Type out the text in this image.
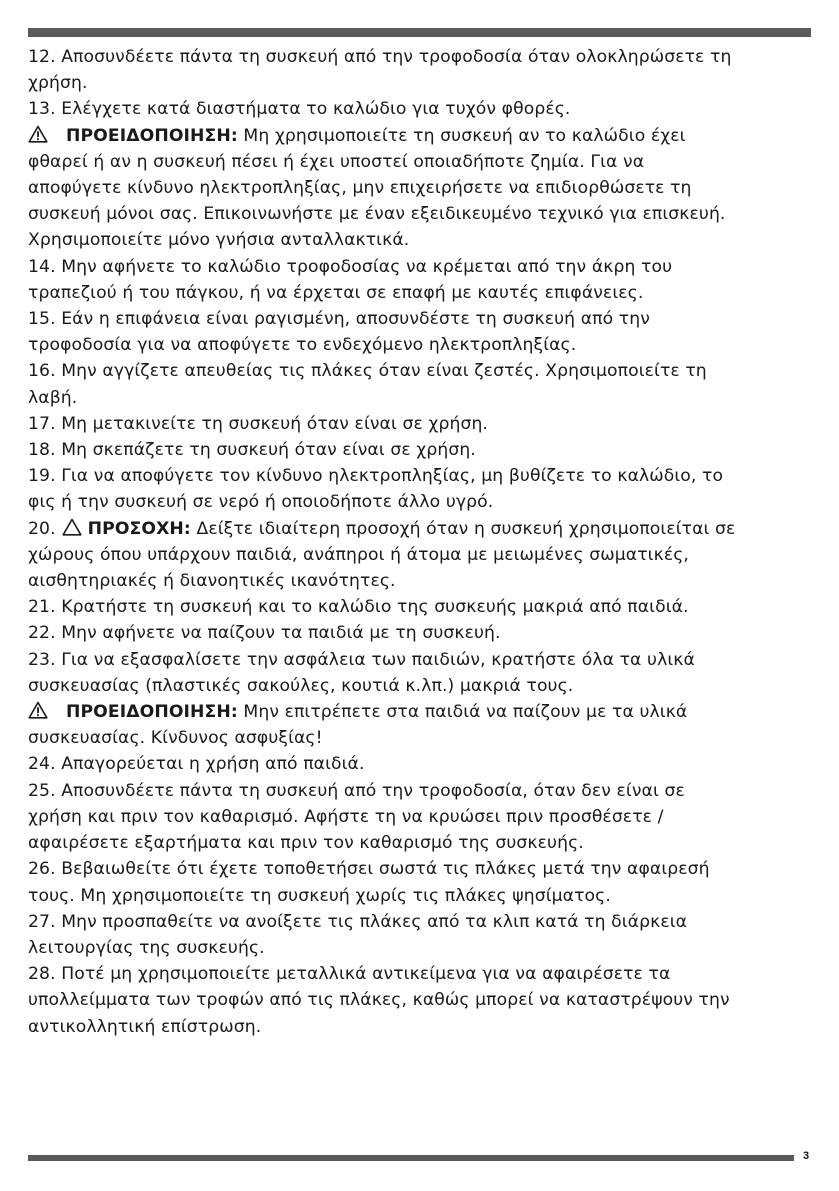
12. Αποσυνδέετε πάντα τη συσκευή από την τροφοδοσία όταν ολοκληρώσετε τη
χρήση.
13. Ελέγχετε κατά διαστήματα το καλώδιο για τυχόν φθορές.
ΠΡΟΕΙΔΟΠΟΙΗΣΗ: Μη χρησιμοποιείτε τη συσκευή αν το καλώδιο έχει
φθαρεί ή αν η συσκευή πέσει ή έχει υποστεί οποιαδήποτε ζημία. Για να
αποφύγετε κίνδυνο ηλεκτροπληξίας, μην επιχειρήσετε να επιδιορθώσετε τη
συσκευή μόνοι σας. Επικοινωνήστε με έναν εξειδικευμένο τεχνικό για επισκευή.
Χρησιμοποιείτε μόνο γνήσια ανταλλακτικά.
14. Μην αφήνετε το καλώδιο τροφοδοσίας να κρέμεται από την άκρη του
τραπεζιού ή του πάγκου, ή να έρχεται σε επαφή με καυτές επιφάνειες.
15. Εάν η επιφάνεια είναι ραγισμένη, αποσυνδέστε τη συσκευή από την
τροφοδοσία για να αποφύγετε το ενδεχόμενο ηλεκτροπληξίας.
16. Μην αγγίζετε απευθείας τις πλάκες όταν είναι ζεστές. Χρησιμοποιείτε τη
λαβή.
17. Μη μετακινείτε τη συσκευή όταν είναι σε χρήση.
18. Μη σκεπάζετε τη συσκευή όταν είναι σε χρήση.
19. Για να αποφύγετε τον κίνδυνο ηλεκτροπληξίας, μη βυθίζετε το καλώδιο, το
φις ή την συσκευή σε νερό ή οποιοδήποτε άλλο υγρό.
20. ΠΡΟΣΟΧΗ: Δείξτε ιδιαίτερη προσοχή όταν η συσκευή χρησιμοποιείται σε
χώρους όπου υπάρχουν παιδιά, ανάπηροι ή άτομα με μειωμένες σωματικές,
αισθητηριακές ή διανοητικές ικανότητες.
21. Κρατήστε τη συσκευή και το καλώδιο της συσκευής μακριά από παιδιά.
22. Μην αφήνετε να παίζουν τα παιδιά με τη συσκευή.
23. Για να εξασφαλίσετε την ασφάλεια των παιδιών, κρατήστε όλα τα υλικά
συσκευασίας (πλαστικές σακούλες, κουτιά κ.λπ.) μακριά τους.
ΠΡΟΕΙΔΟΠΟΙΗΣΗ: Μην επιτρέπετε στα παιδιά να παίζουν με τα υλικά
συσκευασίας. Κίνδυνος ασφυξίας!
24. Απαγορεύεται η χρήση από παιδιά.
25. Αποσυνδέετε πάντα τη συσκευή από την τροφοδοσία, όταν δεν είναι σε
χρήση και πριν τον καθαρισμό. Αφήστε τη να κρυώσει πριν προσθέσετε /
αφαιρέσετε εξαρτήματα και πριν τον καθαρισμό της συσκευής.
26. Βεβαιωθείτε ότι έχετε τοποθετήσει σωστά τις πλάκες μετά την αφαιρεσή
τους. Μη χρησιμοποιείτε τη συσκευή χωρίς τις πλάκες ψησίματος.
27. Μην προσπαθείτε να ανοίξετε τις πλάκες από τα κλιπ κατά τη διάρκεια
λειτουργίας της συσκευής.
28. Ποτέ μη χρησιμοποιείτε μεταλλικά αντικείμενα για να αφαιρέσετε τα
υπολλείμματα των τροφών από τις πλάκες, καθώς μπορεί να καταστρέψουν την
αντικολλητική επίστρωση.
3
